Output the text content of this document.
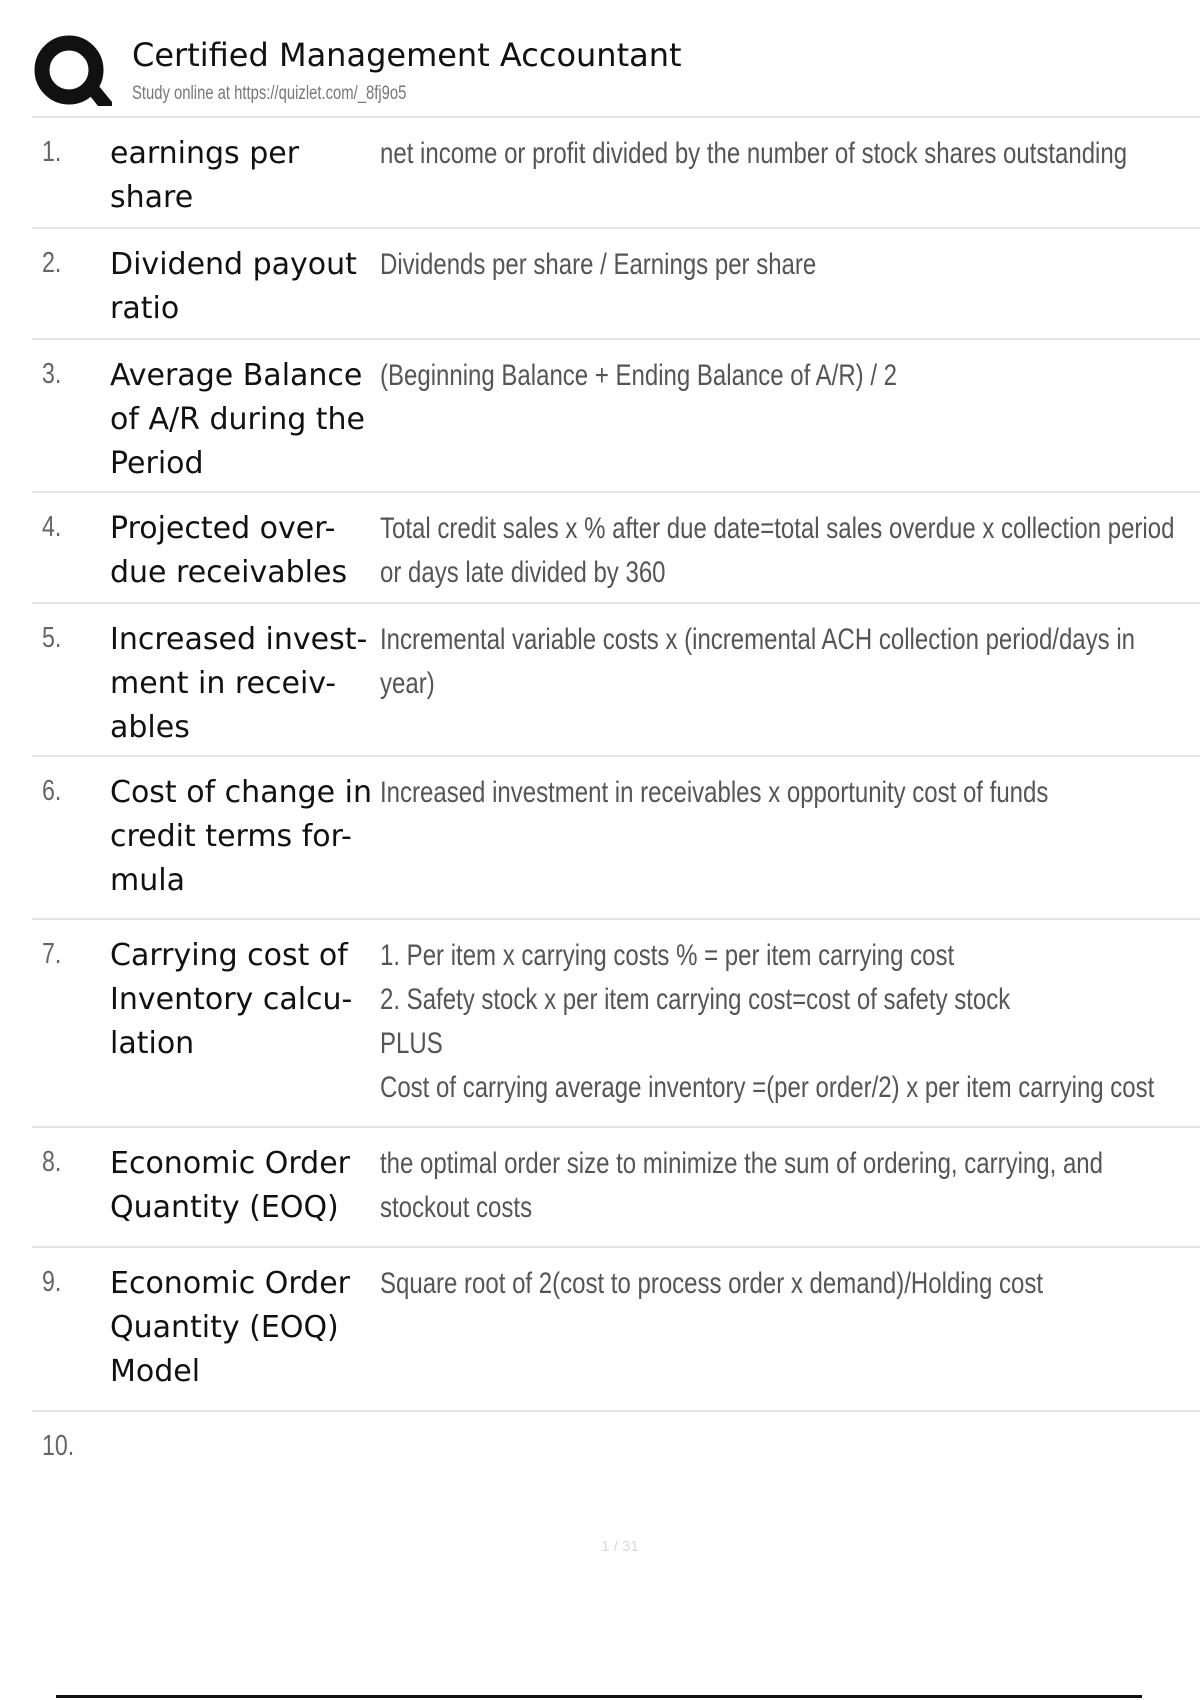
Certified Management Accountant
Study online at https://quizlet.com/_8fj9o5
1. earnings per share
net income or profit divided by the number of stock shares outstanding
2. Dividend payout ratio
Dividends per share / Earnings per share
3. Average Balance of A/R during the Period
(Beginning Balance + Ending Balance of A/R) / 2
4. Projected over-due receivables
Total credit sales x % after due date=total sales overdue x collection period or days late divided by 360
5. Increased invest-ment in receiv-ables
Incremental variable costs x (incremental ACH collection period/days in year)
6. Cost of change in credit terms for-mula
Increased investment in receivables x opportunity cost of funds
7. Carrying cost of Inventory calcu-lation
1. Per item x carrying costs % = per item carrying cost
2. Safety stock x per item carrying cost=cost of safety stock
PLUS
Cost of carrying average inventory =(per order/2) x per item carrying cost
8. Economic Order Quantity (EOQ)
the optimal order size to minimize the sum of ordering, carrying, and stockout costs
9. Economic Order Quantity (EOQ) Model
Square root of 2(cost to process order x demand)/Holding cost
10.
1 / 31
